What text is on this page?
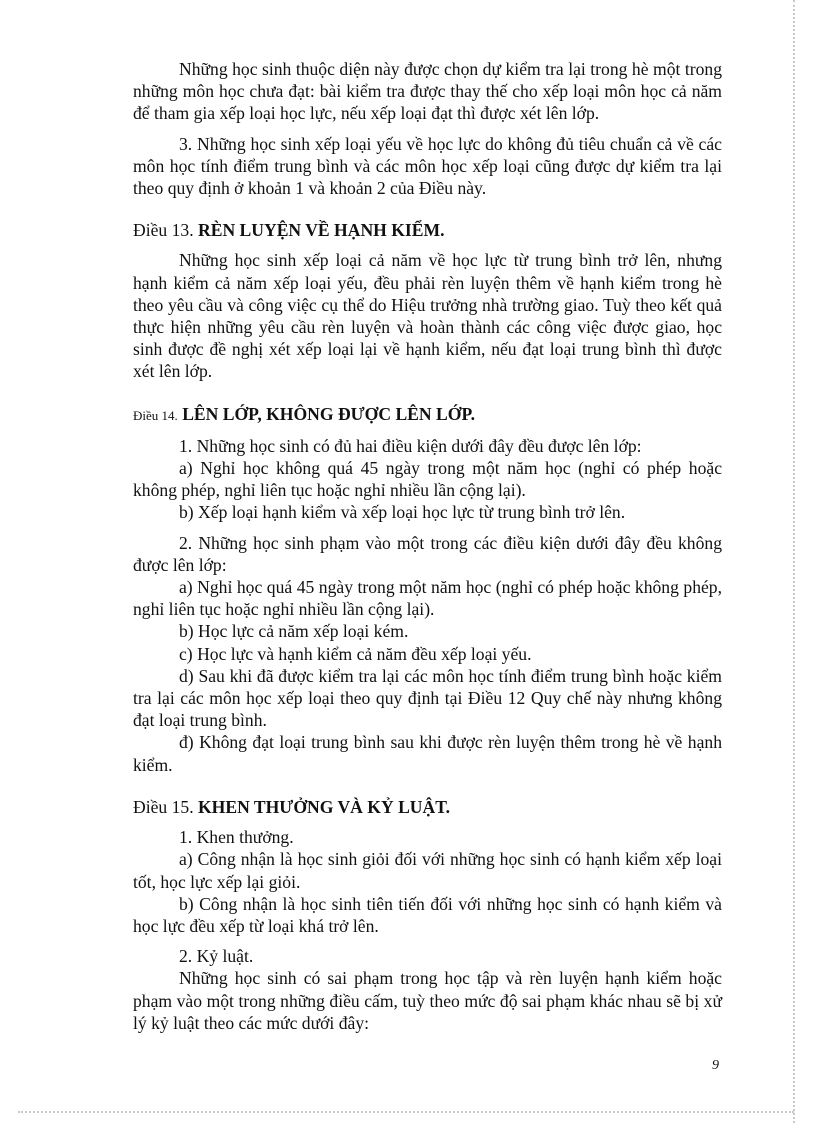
Những học sinh thuộc diện này được chọn dự kiểm tra lại trong hè một trong những môn học chưa đạt: bài kiểm tra được thay thế cho xếp loại môn học cả năm để tham gia xếp loại học lực, nếu xếp loại đạt thì được xét lên lớp.

3. Những học sinh xếp loại yếu về học lực do không đủ tiêu chuẩn cả về các môn học tính điểm trung bình và các môn học xếp loại cũng được dự kiểm tra lại theo quy định ở khoản 1 và khoản 2 của Điều này.

Điều 13. RÈN LUYỆN VỀ HẠNH KIỂM.

Những học sinh xếp loại cả năm về học lực từ trung bình trở lên, nhưng hạnh kiểm cả năm xếp loại yếu, đều phải rèn luyện thêm về hạnh kiểm trong hè theo yêu cầu và công việc cụ thể do Hiệu trưởng nhà trường giao. Tuỳ theo kết quả thực hiện những yêu cầu rèn luyện và hoàn thành các công việc được giao, học sinh được đề nghị xét xếp loại lại về hạnh kiểm, nếu đạt loại trung bình thì được xét lên lớp.

Điều 14. LÊN LỚP, KHÔNG ĐƯỢC LÊN LỚP.

1. Những học sinh có đủ hai điều kiện dưới đây đều được lên lớp:

a) Nghỉ học không quá 45 ngày trong một năm học (nghỉ có phép hoặc không phép, nghỉ liên tục hoặc nghỉ nhiều lần cộng lại).

b) Xếp loại hạnh kiểm và xếp loại học lực từ trung bình trở lên.

2. Những học sinh phạm vào một trong các điều kiện dưới đây đều không được lên lớp:

a) Nghỉ học quá 45 ngày trong một năm học (nghỉ có phép hoặc không phép, nghỉ liên tục hoặc nghỉ nhiều lần cộng lại).

b) Học lực cả năm xếp loại kém.

c) Học lực và hạnh kiểm cả năm đều xếp loại yếu.

d) Sau khi đã được kiểm tra lại các môn học tính điểm trung bình hoặc kiểm tra lại các môn học xếp loại theo quy định tại Điều 12 Quy chế này nhưng không đạt loại trung bình.

đ) Không đạt loại trung bình sau khi được rèn luyện thêm trong hè về hạnh kiểm.

Điều 15. KHEN THƯỞNG VÀ KỶ LUẬT.

1. Khen thưởng.

a) Công nhận là học sinh giỏi đối với những học sinh có hạnh kiểm xếp loại tốt, học lực xếp lại giỏi.

b) Công nhận là học sinh tiên tiến đối với những học sinh có hạnh kiểm và học lực đều xếp từ loại khá trở lên.

2. Kỷ luật.

Những học sinh có sai phạm trong học tập và rèn luyện hạnh kiểm hoặc phạm vào một trong những điều cấm, tuỳ theo mức độ sai phạm khác nhau sẽ bị xử lý kỷ luật theo các mức dưới đây:

9
